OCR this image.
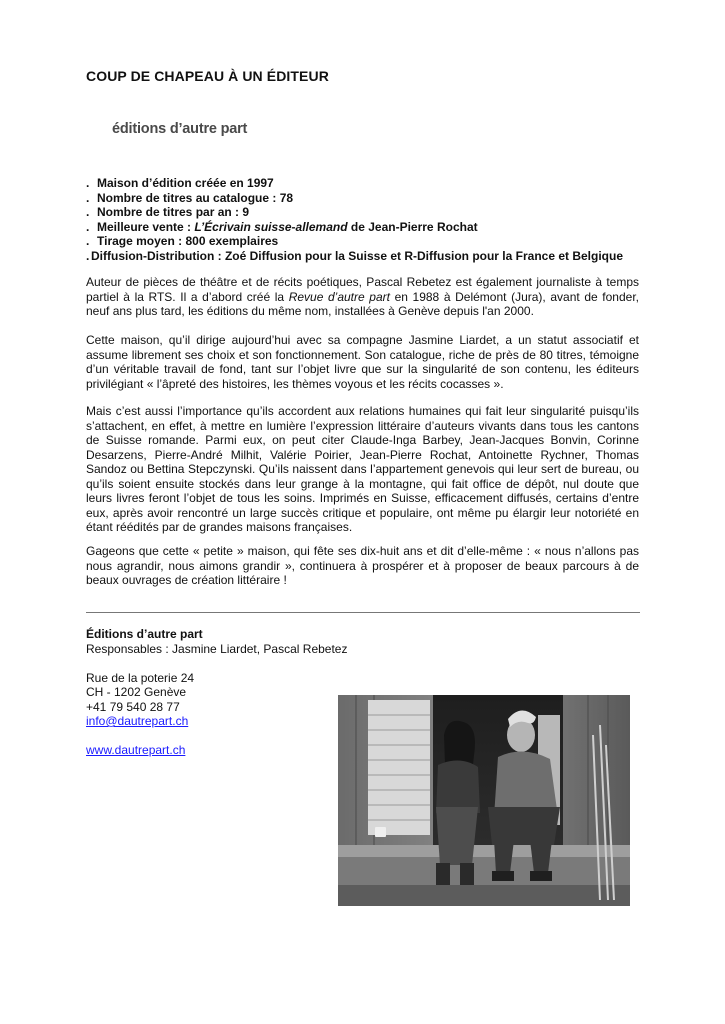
COUP DE CHAPEAU À UN ÉDITEUR
éditions d’autre part
. Maison d’édition créée en 1997
. Nombre de titres au catalogue : 78
. Nombre de titres par an : 9
. Meilleure vente : L’Écrivain suisse-allemand de Jean-Pierre Rochat
. Tirage moyen : 800 exemplaires
. Diffusion-Distribution : Zoé Diffusion pour la Suisse et R-Diffusion pour la France et Belgique

Auteur de pièces de théâtre et de récits poétiques, Pascal Rebetez est également journaliste à temps partiel à la RTS. Il a d’abord créé la Revue d’autre part en 1988 à Delémont (Jura), avant de fonder, neuf ans plus tard, les éditions du même nom, installées à Genève depuis l'an 2000.

Cette maison, qu’il dirige aujourd’hui avec sa compagne Jasmine Liardet, a un statut associatif et assume librement ses choix et son fonctionnement. Son catalogue, riche de près de 80 titres, témoigne d’un véritable travail de fond, tant sur l’objet livre que sur la singularité de son contenu, les éditeurs privilégiant « l’âpreté des histoires, les thèmes voyous et les récits cocasses ».

Mais c’est aussi l’importance qu’ils accordent aux relations humaines qui fait leur singularité puisqu’ils s’attachent, en effet, à mettre en lumière l’expression littéraire d’auteurs vivants dans tous les cantons de Suisse romande. Parmi eux, on peut citer Claude-Inga Barbey, Jean-Jacques Bonvin, Corinne Desarzens, Pierre-André Milhit, Valérie Poirier, Jean-Pierre Rochat, Antoinette Rychner, Thomas Sandoz ou Bettina Stepczynski. Qu’ils naissent dans l’appartement genevois qui leur sert de bureau, ou qu’ils soient ensuite stockés dans leur grange à la montagne, qui fait office de dépôt, nul doute que leurs livres feront l’objet de tous les soins. Imprimés en Suisse, efficacement diffusés, certains d’entre eux, après avoir rencontré un large succès critique et populaire, ont même pu élargir leur notoriété en étant réédités par de grandes maisons françaises.

Gageons que cette « petite » maison, qui fête ses dix-huit ans et dit d’elle-même : « nous n’allons pas nous agrandir, nous aimons grandir », continuera à prospérer et à proposer de beaux parcours à de beaux ouvrages de création littéraire !

Éditions d’autre part
Responsables : Jasmine Liardet, Pascal Rebetez
Rue de la poterie 24
CH - 1202 Genève
+41 79 540 28 77
info@dautrepart.ch
www.dautrepart.ch
